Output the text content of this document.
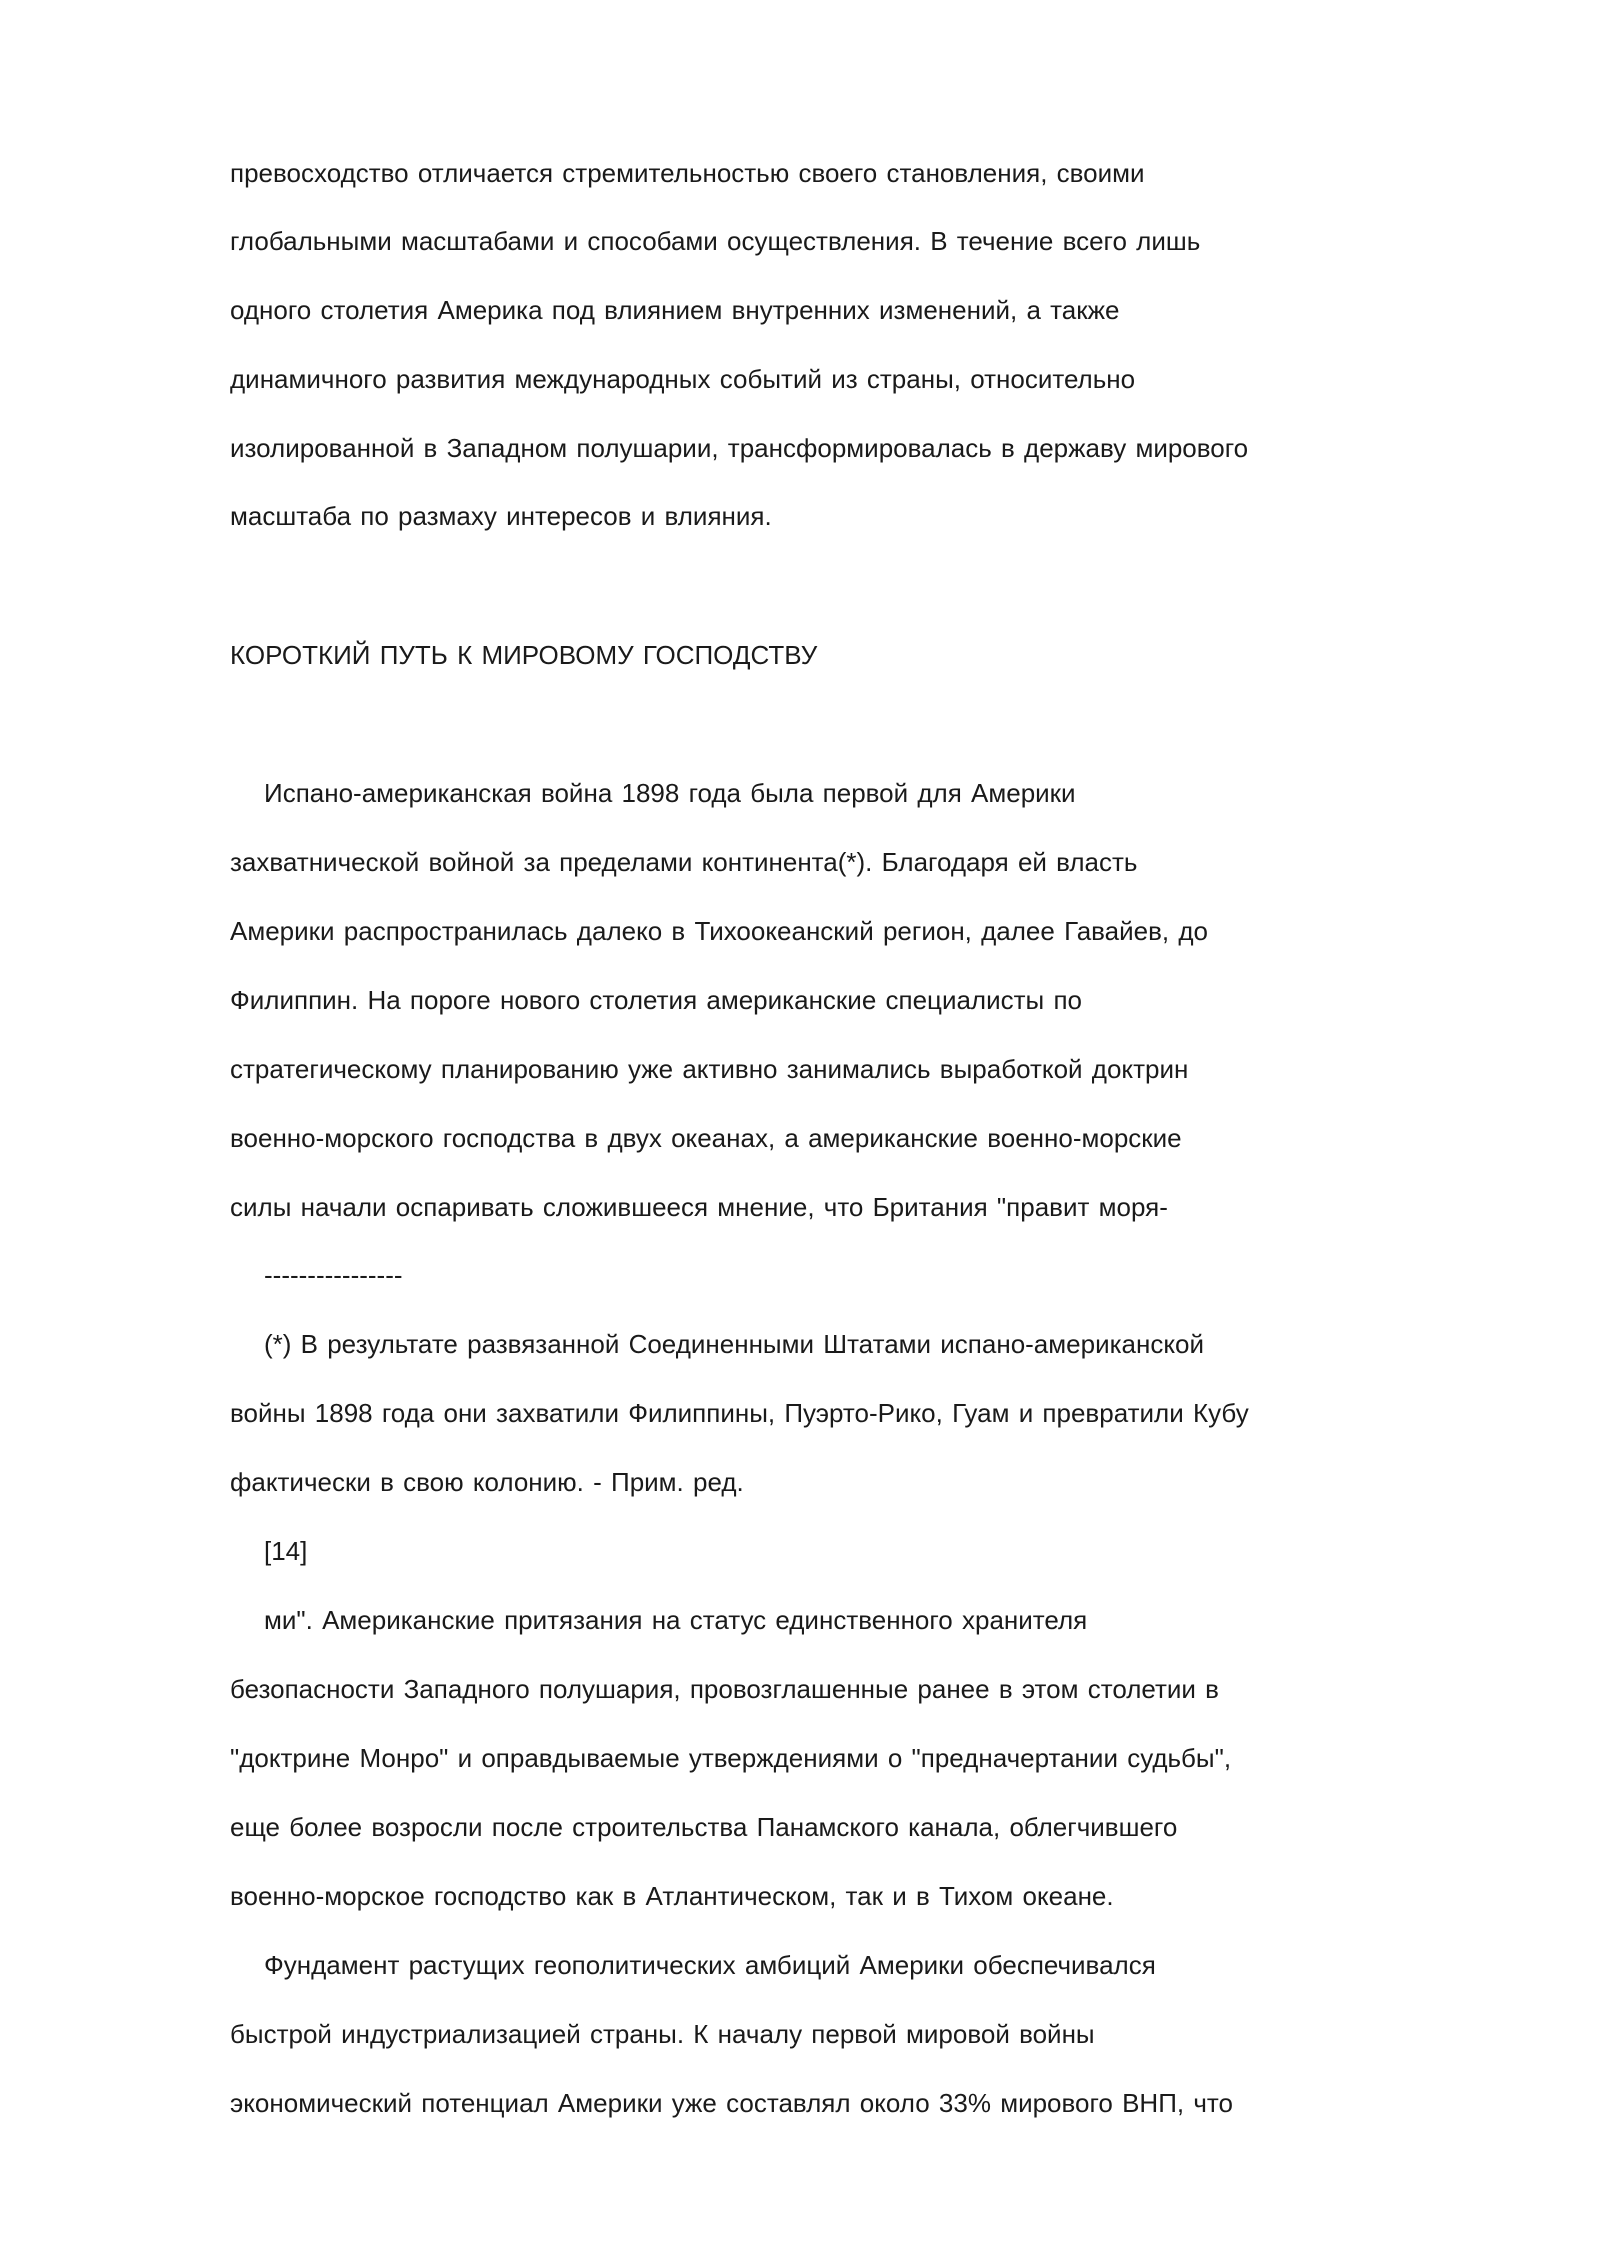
превосходство отличается стремительностью своего становления, своими
глобальными масштабами и способами осуществления. В течение всего лишь
одного столетия Америка под влиянием внутренних изменений, а также
динамичного развития международных событий из страны, относительно
изолированной в Западном полушарии, трансформировалась в державу мирового
масштаба по размаху интересов и влияния.
КОРОТКИЙ ПУТЬ К МИРОВОМУ ГОСПОДСТВУ
Испано-американская война 1898 года была первой для Америки
захватнической войной за пределами континента(*). Благодаря ей власть
Америки распространилась далеко в Тихоокеанский регион, далее Гавайев, до
Филиппин. На пороге нового столетия американские специалисты по
стратегическому планированию уже активно занимались выработкой доктрин
военно-морского господства в двух океанах, а американские военно-морские
силы начали оспаривать сложившееся мнение, что Британия "правит моря-
----------------
(*) В результате развязанной Соединенными Штатами испано-американской
войны 1898 года они захватили Филиппины, Пуэрто-Рико, Гуам и превратили Кубу
фактически в свою колонию. - Прим. ред.
[14]
ми". Американские притязания на статус единственного хранителя
безопасности Западного полушария, провозглашенные ранее в этом столетии в
"доктрине Монро" и оправдываемые утверждениями о "предначертании судьбы",
еще более возросли после строительства Панамского канала, облегчившего
военно-морское господство как в Атлантическом, так и в Тихом океане.
Фундамент растущих геополитических амбиций Америки обеспечивался
быстрой индустриализацией страны. К началу первой мировой войны
экономический потенциал Америки уже составлял около 33% мирового ВНП, что
